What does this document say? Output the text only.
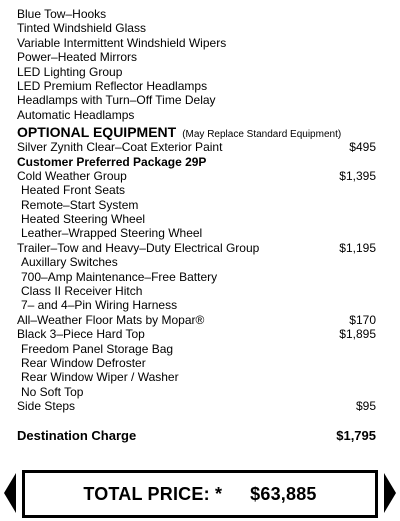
Blue Tow–Hooks
Tinted Windshield Glass
Variable Intermittent Windshield Wipers
Power–Heated Mirrors
LED Lighting Group
LED Premium Reflector Headlamps
Headlamps with Turn–Off Time Delay
Automatic Headlamps
OPTIONAL EQUIPMENT (May Replace Standard Equipment)
Silver Zynith Clear–Coat Exterior Paint	$495
Customer Preferred Package 29P
Cold Weather Group	$1,395
Heated Front Seats
Remote–Start System
Heated Steering Wheel
Leather–Wrapped Steering Wheel
Trailer–Tow and Heavy–Duty Electrical Group	$1,195
Auxillary Switches
700–Amp Maintenance–Free Battery
Class II Receiver Hitch
7– and 4–Pin Wiring Harness
All–Weather Floor Mats by Mopar®	$170
Black 3–Piece Hard Top	$1,895
Freedom Panel Storage Bag
Rear Window Defroster
Rear Window Wiper / Washer
No Soft Top
Side Steps	$95
Destination Charge	$1,795
TOTAL PRICE: * $63,885
